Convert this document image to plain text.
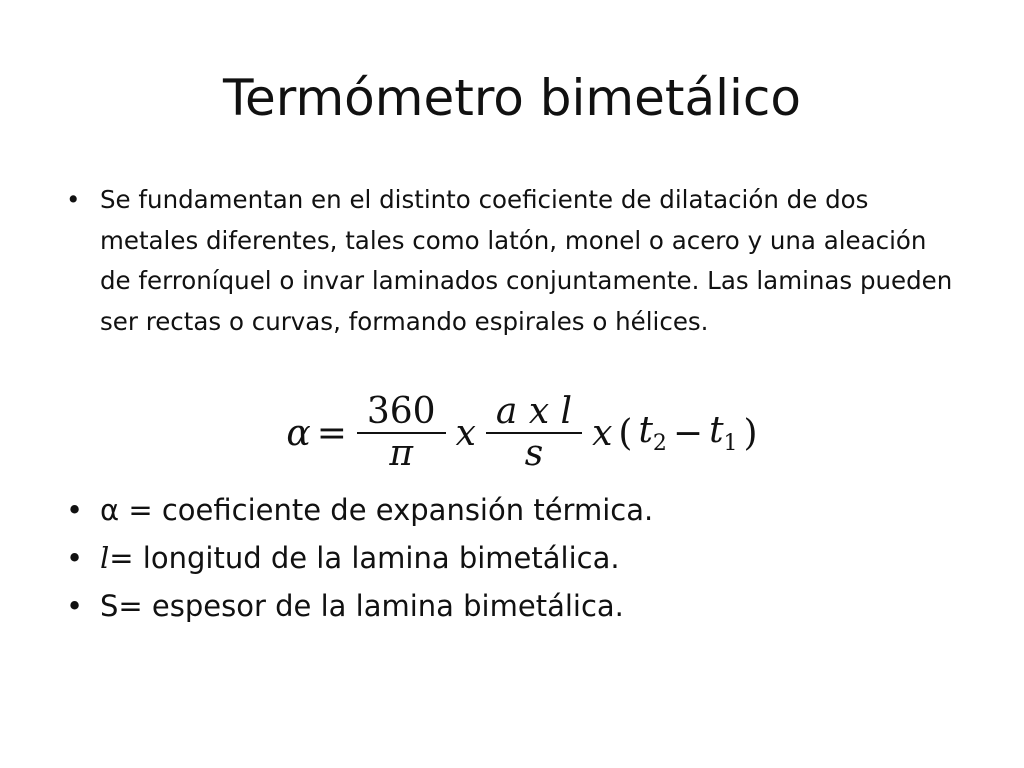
Termómetro bimetálico
• Se fundamentan en el distinto coeficiente de dilatación de dos metales diferentes, tales como latón, monel o acero y una aleación de ferroníquel o invar laminados conjuntamente. Las laminas pueden ser rectas o curvas, formando espirales o hélices.
$\alpha = \frac{360}{\pi}$ x $\frac{\text{a x l}}{s}$ x ( $t_2 - t_1$ )
• α = coeficiente de expansión térmica.
• l= longitud de la lamina bimetálica.
• S= espesor de la lamina bimetálica.
